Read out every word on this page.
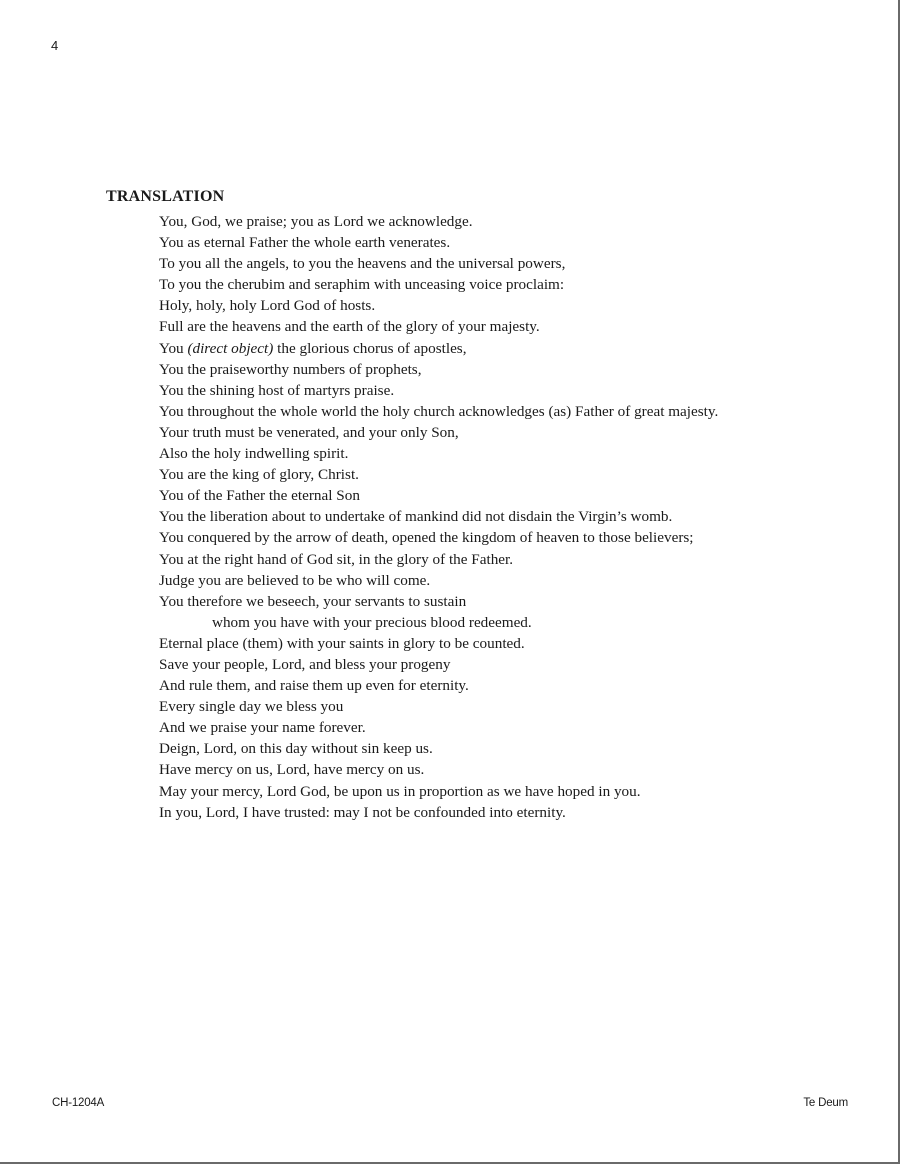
4
TRANSLATION
You, God, we praise; you as Lord we acknowledge.
You as eternal Father the whole earth venerates.
To you all the angels, to you the heavens and the universal powers,
To you the cherubim and seraphim with unceasing voice proclaim:
Holy, holy, holy Lord God of hosts.
Full are the heavens and the earth of the glory of your majesty.
You (direct object) the glorious chorus of apostles,
You the praiseworthy numbers of prophets,
You the shining host of martyrs praise.
You throughout the whole world the holy church acknowledges (as) Father of great majesty.
Your truth must be venerated, and your only Son,
Also the holy indwelling spirit.
You are the king of glory, Christ.
You of the Father the eternal Son
You the liberation about to undertake of mankind did not disdain the Virgin’s womb.
You conquered by the arrow of death, opened the kingdom of heaven to those believers;
You at the right hand of God sit, in the glory of the Father.
Judge you are believed to be who will come.
You therefore we beseech, your servants to sustain
whom you have with your precious blood redeemed.
Eternal place (them) with your saints in glory to be counted.
Save your people, Lord, and bless your progeny
And rule them, and raise them up even for eternity.
Every single day we bless you
And we praise your name forever.
Deign, Lord, on this day without sin keep us.
Have mercy on us, Lord, have mercy on us.
May your mercy, Lord God, be upon us in proportion as we have hoped in you.
In you, Lord, I have trusted: may I not be confounded into eternity.
CH-1204A	Te Deum
